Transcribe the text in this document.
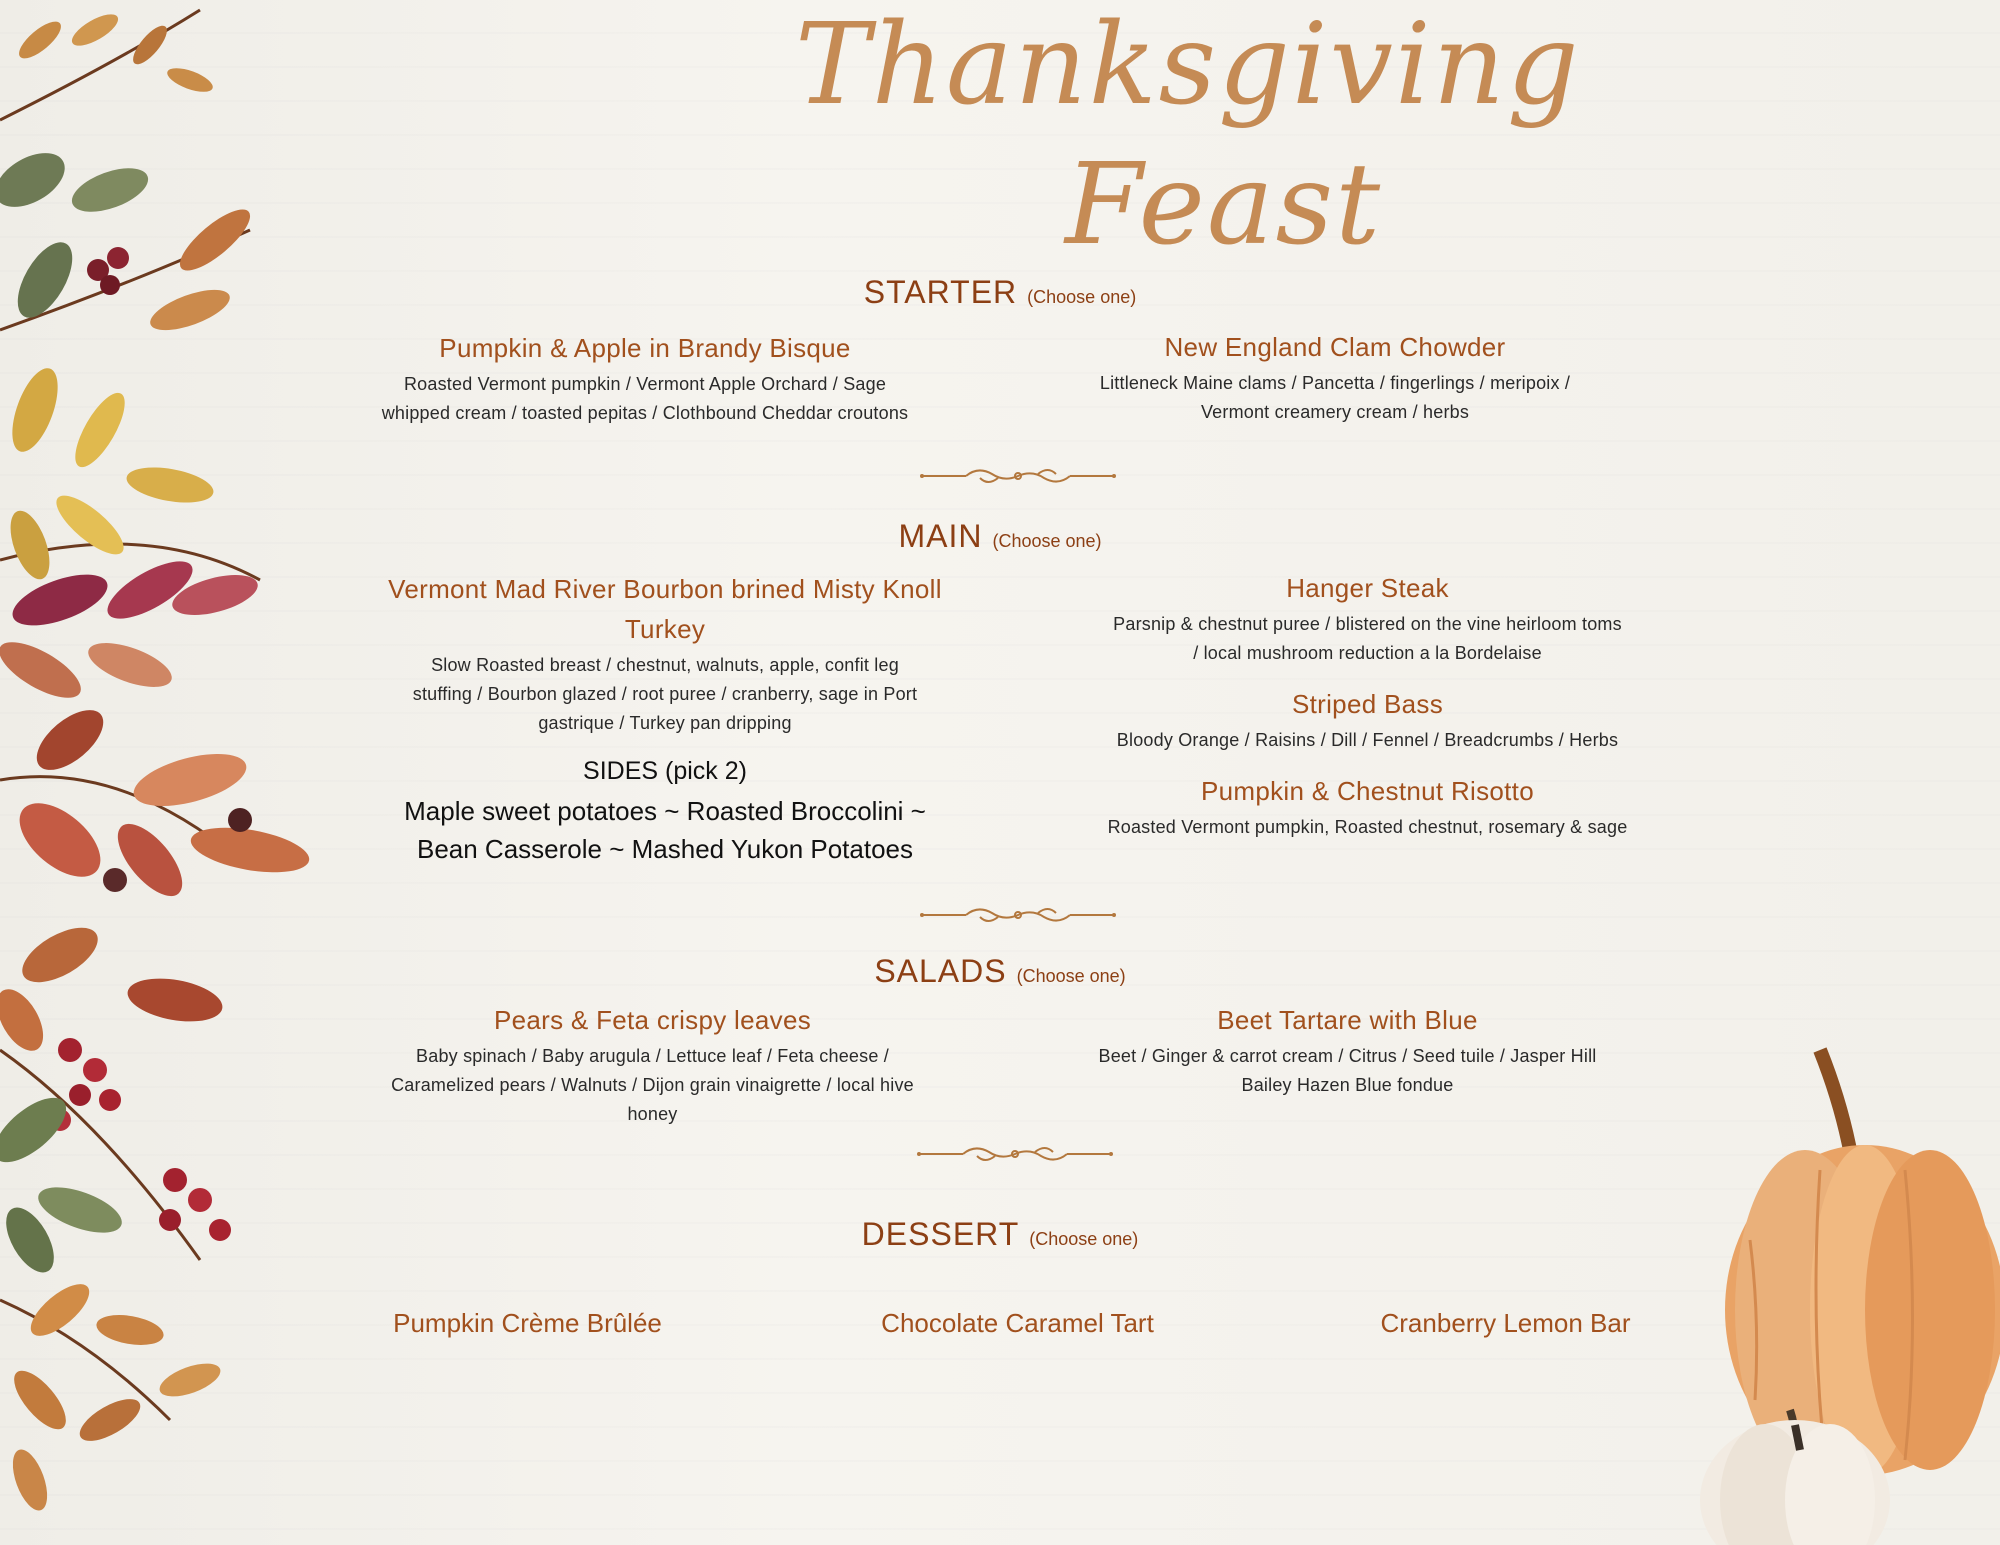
Thanksgiving
Feast
STARTER (Choose one)
Pumpkin & Apple in Brandy Bisque
Roasted Vermont pumpkin / Vermont Apple Orchard / Sage
whipped cream / toasted pepitas / Clothbound Cheddar croutons
New England Clam Chowder
Littleneck Maine clams / Pancetta / fingerlings / meripoix /
Vermont creamery cream / herbs
MAIN (Choose one)
Vermont Mad River Bourbon brined Misty Knoll
Turkey
Slow Roasted breast / chestnut, walnuts, apple, confit leg
stuffing / Bourbon glazed / root puree / cranberry, sage in Port
gastrique / Turkey pan dripping
SIDES (pick 2)
Maple sweet potatoes ~ Roasted Broccolini ~
Bean Casserole ~ Mashed Yukon Potatoes
Hanger Steak
Parsnip & chestnut puree / blistered on the vine heirloom toms
/ local mushroom reduction a la Bordelaise
Striped Bass
Bloody Orange / Raisins / Dill / Fennel / Breadcrumbs / Herbs
Pumpkin & Chestnut Risotto
Roasted Vermont pumpkin, Roasted chestnut, rosemary & sage
SALADS (Choose one)
Pears & Feta crispy leaves
Baby spinach / Baby arugula / Lettuce leaf / Feta cheese /
Caramelized pears / Walnuts / Dijon grain vinaigrette / local hive
honey
Beet Tartare with Blue
Beet / Ginger & carrot cream / Citrus / Seed tuile / Jasper Hill
Bailey Hazen Blue fondue
DESSERT (Choose one)
Pumpkin Crème Brûlée	Chocolate Caramel Tart	Cranberry Lemon Bar
